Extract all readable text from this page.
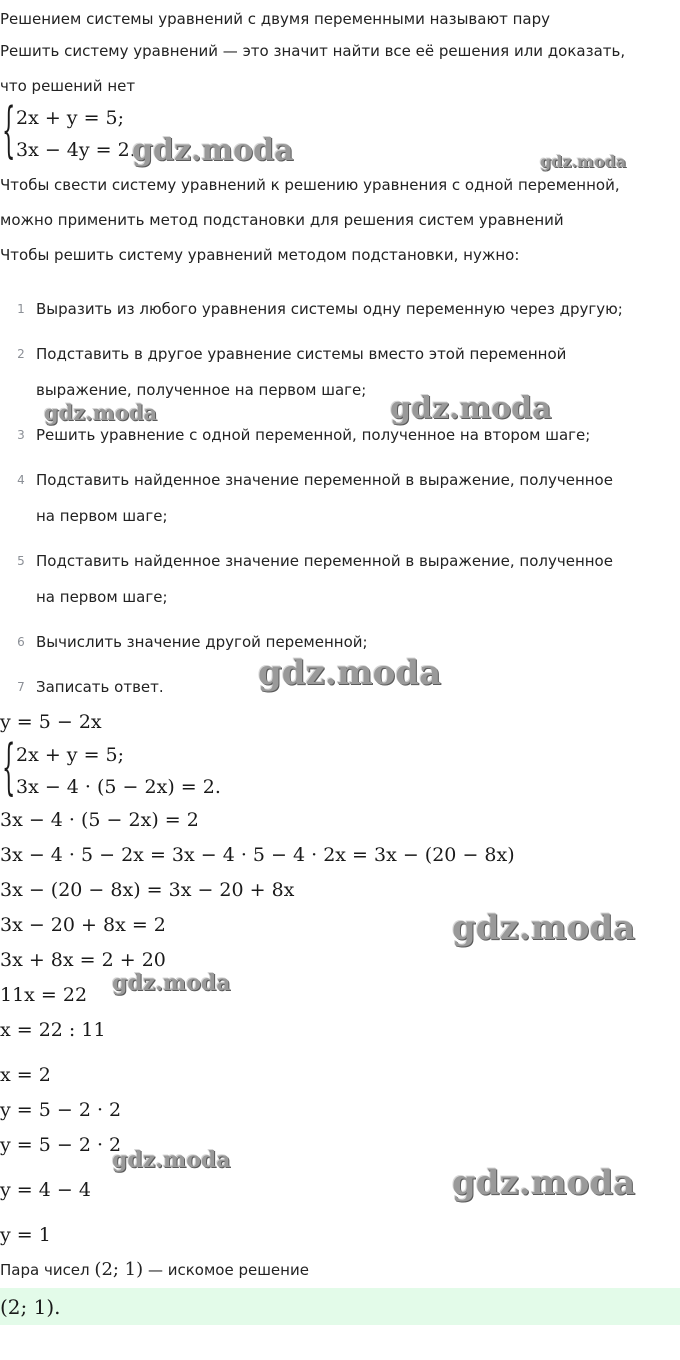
Решением системы уравнений с двумя переменными называют пару
Решить систему уравнений — это значит найти все её решения или доказать,
что решений нет
{ 2x + y = 5;
3x − 4y = 2.
gdz.moda	gdz.moda
Чтобы свести систему уравнений к решению уравнения с одной переменной,
можно применить метод подстановки для решения систем уравнений
Чтобы решить систему уравнений методом подстановки, нужно:
1 Выразить из любого уравнения системы одну переменную через другую;
2 Подставить в другое уравнение системы вместо этой переменной
выражение, полученное на первом шаге;
3 Решить уравнение с одной переменной, полученное на втором шаге;
4 Подставить найденное значение переменной в выражение, полученное
на первом шаге;
5 Подставить найденное значение переменной в выражение, полученное
на первом шаге;
6 Вычислить значение другой переменной;
7 Записать ответ.
gdz.moda	gdz.moda
gdz.moda
y = 5 − 2x
{ 2x + y = 5;
3x − 4 · (5 − 2x) = 2.
3x − 4 · (5 − 2x) = 2
3x − 4 · 5 − 2x = 3x − 4 · 5 − 4 · 2x = 3x − (20 − 8x)
3x − (20 − 8x) = 3x − 20 + 8x
3x − 20 + 8x = 2
3x + 8x = 2 + 20
11x = 22
x = 22 : 11
x = 2
y = 5 − 2 · 2
y = 5 − 2 · 2
y = 4 − 4
y = 1
gdz.moda
gdz.moda
gdz.moda
gdz.moda
Пара чисел (2; 1) — искомое решение
(2; 1).
